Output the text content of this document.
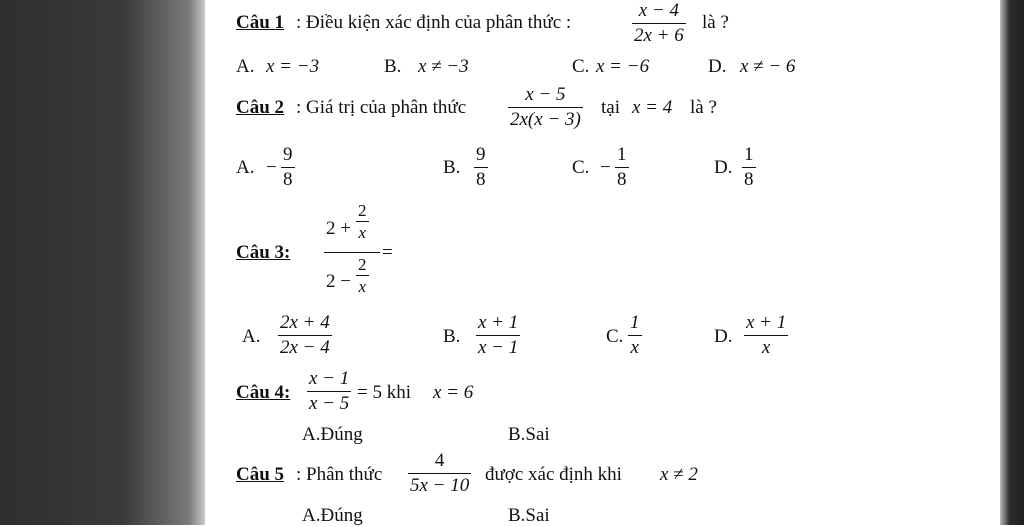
Câu 1 : Điều kiện xác định của phân thức :
x − 4
2x + 6
là ?
A. x = −3	B. x ≠ −3	C. x = −6	D. x ≠ − 6
Câu 2 : Giá trị của phân thức
x − 5
2x(x − 3)
tại x = 4 là ?
A. −
9
8
B.
9
8
C. −
1
8
D.
1
8
Câu 3:
2 +
2
x
2 −
2
x
=
A.
2x + 4
2x − 4
B.
x + 1
x − 1
C.
1
x
D.
x + 1
x
Câu 4:
x − 1
x − 5
= 5 khi x = 6
A.Đúng	B.Sai
Câu 5 : Phân thức
4
5x − 10
được xác định khi x ≠ 2
A.Đúng	B.Sai
